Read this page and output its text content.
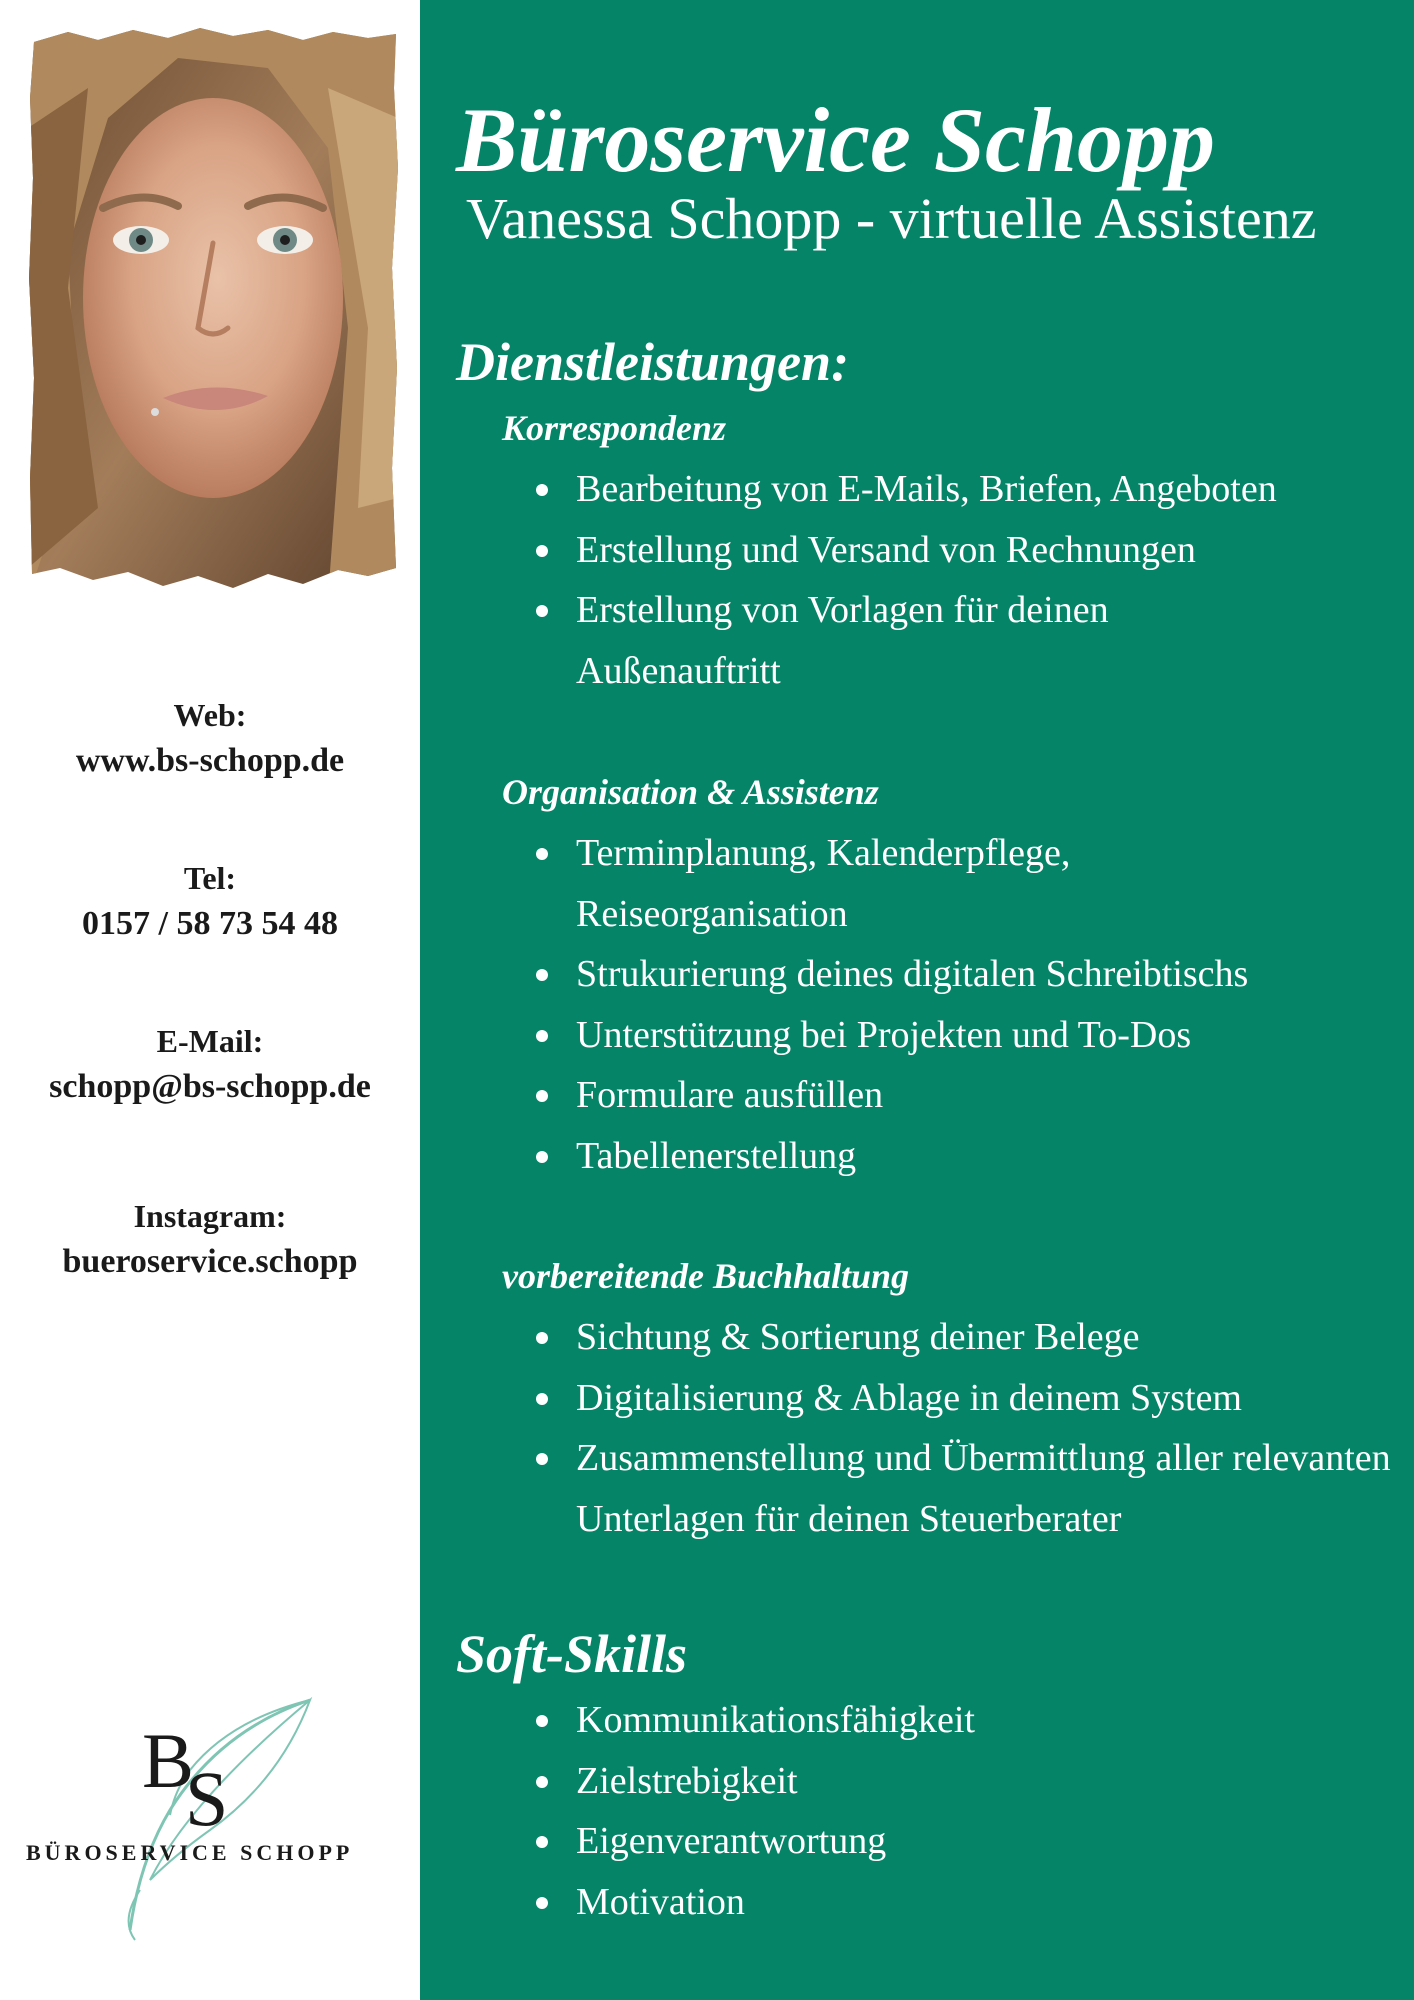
Web:
www.bs-schopp.de
Tel:
0157 / 58 73 54 48
E-Mail:
schopp@bs-schopp.de
Instagram:
bueroservice.schopp
B
S
BÜROSERVICE SCHOPP
Büroservice Schopp
Vanessa Schopp - virtuelle Assistenz
Dienstleistungen:
Korrespondenz
Bearbeitung von E-Mails, Briefen, Angeboten
Erstellung und Versand von Rechnungen
Erstellung von Vorlagen für deinen Außenauftritt
Organisation & Assistenz
Terminplanung, Kalenderpflege, Reiseorganisation
Strukurierung deines digitalen Schreibtischs
Unterstützung bei Projekten und To-Dos
Formulare ausfüllen
Tabellenerstellung
vorbereitende Buchhaltung
Sichtung & Sortierung deiner Belege
Digitalisierung & Ablage in deinem System
Zusammenstellung und Übermittlung aller relevanten Unterlagen für deinen Steuerberater
Soft-Skills
Kommunikationsfähigkeit
Zielstrebigkeit
Eigenverantwortung
Motivation
